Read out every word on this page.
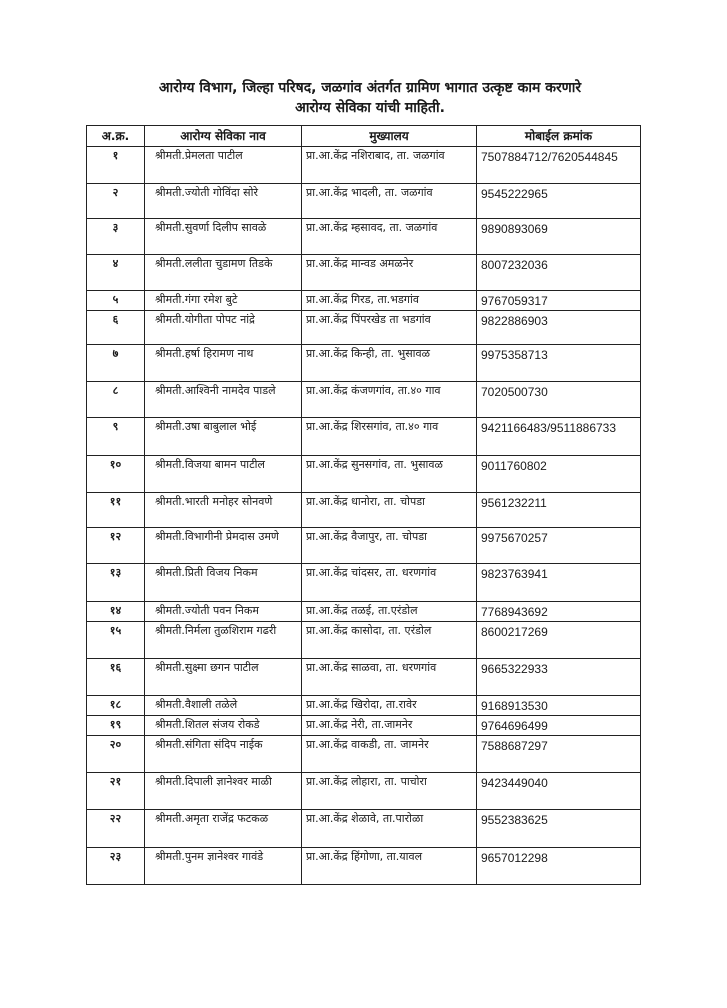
आरोग्य विभाग, जिल्हा परिषद, जळगांव अंतर्गत ग्रामिण भागात उत्कृष्ट काम करणारे
आरोग्य सेविका यांची माहिती.
अ.क्र.	आरोग्य सेविका नाव	मुख्यालय	मोबाईल क्रमांक
१	श्रीमती.प्रेमलता पाटील	प्रा.आ.केंद्र नशिराबाद, ता. जळगांव	7507884712/7620544845
२	श्रीमती.ज्योती गोविंदा सोरे	प्रा.आ.केंद्र भादली, ता. जळगांव	9545222965
३	श्रीमती.सुवर्णा दिलीप सावळे	प्रा.आ.केंद्र म्हसावद, ता. जळगांव	9890893069
४	श्रीमती.ललीता चुडामण तिडके	प्रा.आ.केंद्र मान्वड अमळनेर	8007232036
५	श्रीमती.गंगा रमेश बुटे	प्रा.आ.केंद्र गिरड, ता.भडगांव	9767059317
६	श्रीमती.योगीता पोपट नांद्रे	प्रा.आ.केंद्र पिंपरखेड ता भडगांव	9822886903
७	श्रीमती.हर्षा हिरामण नाथ	प्रा.आ.केंद्र किन्ही, ता. भुसावळ	9975358713
८	श्रीमती.आश्विनी नामदेव पाडले	प्रा.आ.केंद्र कंजणगांव, ता.४० गाव	7020500730
९	श्रीमती.उषा बाबुलाल भोई	प्रा.आ.केंद्र शिरसगांव, ता.४० गाव	9421166483/9511886733
१०	श्रीमती.विजया बामन पाटील	प्रा.आ.केंद्र सुनसगांव, ता. भुसावळ	9011760802
११	श्रीमती.भारती मनोहर सोनवणे	प्रा.आ.केंद्र धानोरा, ता. चोपडा	9561232211
१२	श्रीमती.विभागीनी प्रेमदास उमणे	प्रा.आ.केंद्र वैजापुर, ता. चोपडा	9975670257
१३	श्रीमती.प्रिती विजय निकम	प्रा.आ.केंद्र चांदसर, ता. धरणगांव	9823763941
१४	श्रीमती.ज्योती पवन निकम	प्रा.आ.केंद्र तळई, ता.एरंडोल	7768943692
१५	श्रीमती.निर्मला तुळशिराम गढरी	प्रा.आ.केंद्र कासोदा, ता. एरंडोल	8600217269
१६	श्रीमती.सुक्ष्मा छगन पाटील	प्रा.आ.केंद्र साळवा, ता. धरणगांव	9665322933
१८	श्रीमती.वैशाली तळेले	प्रा.आ.केंद्र खिरोदा, ता.रावेर	9168913530
१९	श्रीमती.शितल संजय रोकडे	प्रा.आ.केंद्र नेरी, ता.जामनेर	9764696499
२०	श्रीमती.संगिता संदिप नाईक	प्रा.आ.केंद्र वाकडी, ता. जामनेर	7588687297
२१	श्रीमती.दिपाली ज्ञानेश्वर माळी	प्रा.आ.केंद्र लोहारा, ता. पाचोरा	9423449040
२२	श्रीमती.अमृता राजेंद्र फटकळ	प्रा.आ.केंद्र शेळावे, ता.पारोळा	9552383625
२३	श्रीमती.पुनम ज्ञानेश्वर गावंडे	प्रा.आ.केंद्र हिंगोणा, ता.यावल	9657012298
